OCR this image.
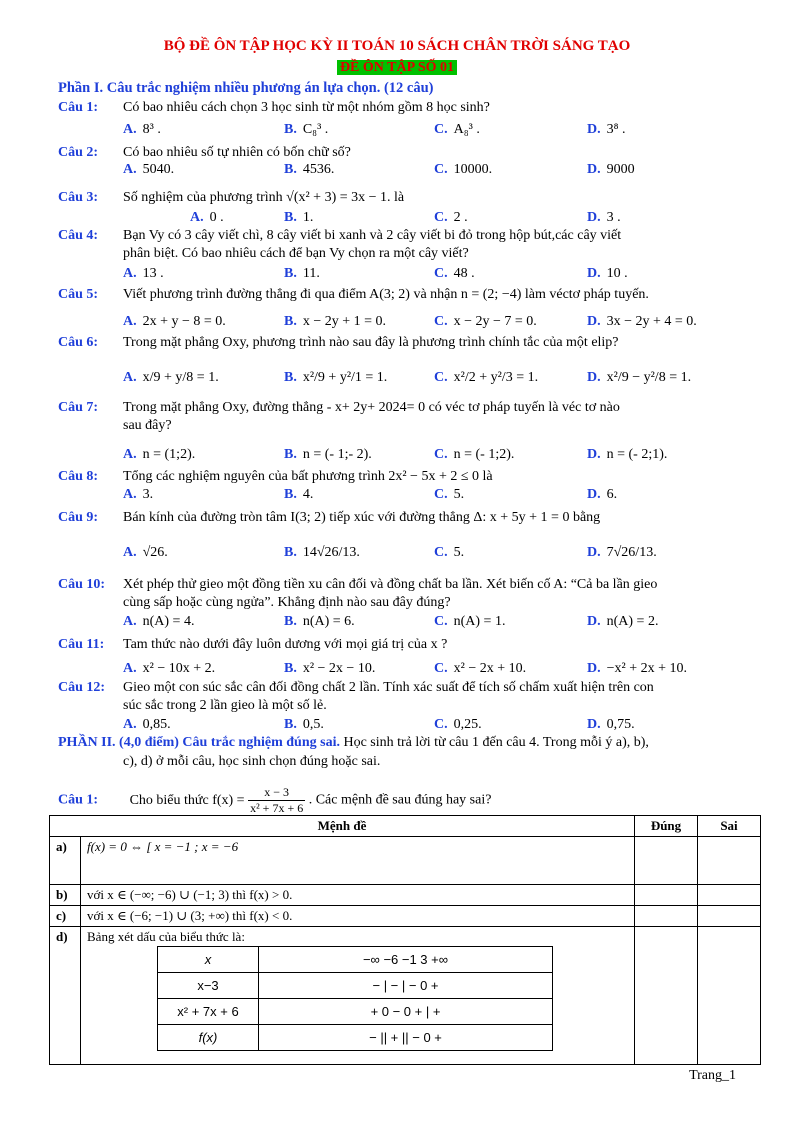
BỘ ĐỀ ÔN TẬP HỌC KỲ II TOÁN 10 SÁCH CHÂN TRỜI SÁNG TẠO
ĐỀ ÔN TẬP SỐ 01
Phần I. Câu trắc nghiệm nhiều phương án lựa chọn. (12 câu)
Câu 1: Có bao nhiêu cách chọn 3 học sinh từ một nhóm gồm 8 học sinh?
A. 8³ .	B. C₈³ .	C. A₈³ .	D. 3⁸ .
Câu 2: Có bao nhiêu số tự nhiên có bốn chữ số?
A. 5040.	B. 4536.	C. 10000.	D. 9000
Câu 3: Số nghiệm của phương trình √(x² + 3) = 3x − 1. là
A. 0 .	B. 1.	C. 2 .	D. 3 .
Câu 4: Bạn Vy có 3 cây viết chì, 8 cây viết bi xanh và 2 cây viết bi đỏ trong hộp bút,các cây viết
phân biệt. Có bao nhiêu cách để bạn Vy chọn ra một cây viết?
A. 13 .	B. 11.	C. 48 .	D. 10 .
Câu 5: Viết phương trình đường thẳng đi qua điểm A(3; 2) và nhận n = (2; −4) làm véctơ pháp tuyến.
A. 2x + y − 8 = 0.	B. x − 2y + 1 = 0.	C. x − 2y − 7 = 0.	D. 3x − 2y + 4 = 0.
Câu 6: Trong mặt phẳng Oxy, phương trình nào sau đây là phương trình chính tắc của một elip?
A. x/9 + y/8 = 1.	B. x²/9 + y²/1 = 1.	C. x²/2 + y²/3 = 1.	D. x²/9 − y²/8 = 1.
Câu 7: Trong mặt phẳng Oxy, đường thẳng - x+ 2y+ 2024= 0 có véc tơ pháp tuyến là véc tơ nào
sau đây?
A. n = (1;2).	B. n = (- 1;- 2).	C. n = (- 1;2).	D. n = (- 2;1).
Câu 8: Tổng các nghiệm nguyên của bất phương trình 2x² − 5x + 2 ≤ 0 là
A. 3.	B. 4.	C. 5.	D. 6.
Câu 9: Bán kính của đường tròn tâm I(3; 2) tiếp xúc với đường thẳng Δ: x + 5y + 1 = 0 bằng
A. √26.	B. 14√26/13.	C. 5.	D. 7√26/13.
Câu 10: Xét phép thử gieo một đồng tiền xu cân đối và đồng chất ba lần. Xét biến cố A: “Cả ba lần gieo
cùng sấp hoặc cùng ngửa”. Khẳng định nào sau đây đúng?
A. n(A) = 4.	B. n(A) = 6.	C. n(A) = 1.	D. n(A) = 2.
Câu 11: Tam thức nào dưới đây luôn dương với mọi giá trị của x ?
A. x² − 10x + 2.	B. x² − 2x − 10.	C. x² − 2x + 10.	D. −x² + 2x + 10.
Câu 12: Gieo một con súc sắc cân đối đồng chất 2 lần. Tính xác suất để tích số chấm xuất hiện trên con
súc sắc trong 2 lần gieo là một số lẻ.
A. 0,85.	B. 0,5.	C. 0,25.	D. 0,75.
PHẦN II. (4,0 điểm) Câu trắc nghiệm đúng sai. Học sinh trả lời từ câu 1 đến câu 4. Trong mỗi ý a), b),
c), d) ở mỗi câu, học sinh chọn đúng hoặc sai.
Câu 1: Cho biểu thức $f(x) = \frac{x - 3}{\text{x² + 7x + 6}}$ . Các mệnh đề sau đúng hay sai?
Mệnh đề		Đúng	Sai
a)	f(x) = 0 ⇔ [ x = −1 ; x = −6		
b)	với x ∈ (−∞; −6) ∪ (−1; 3) thì f(x) > 0.		
c)	với x ∈ (−6; −1) ∪ (3; +∞) thì f(x) < 0.		
d)	Bảng xét dấu của biểu thức là:		
x	−∞ −6 −1 3 +∞
x−3	− | − | − 0 +
x² + 7x + 6	+ 0 − 0 + | +
f(x)	− || + || − 0 +
Trang_1
